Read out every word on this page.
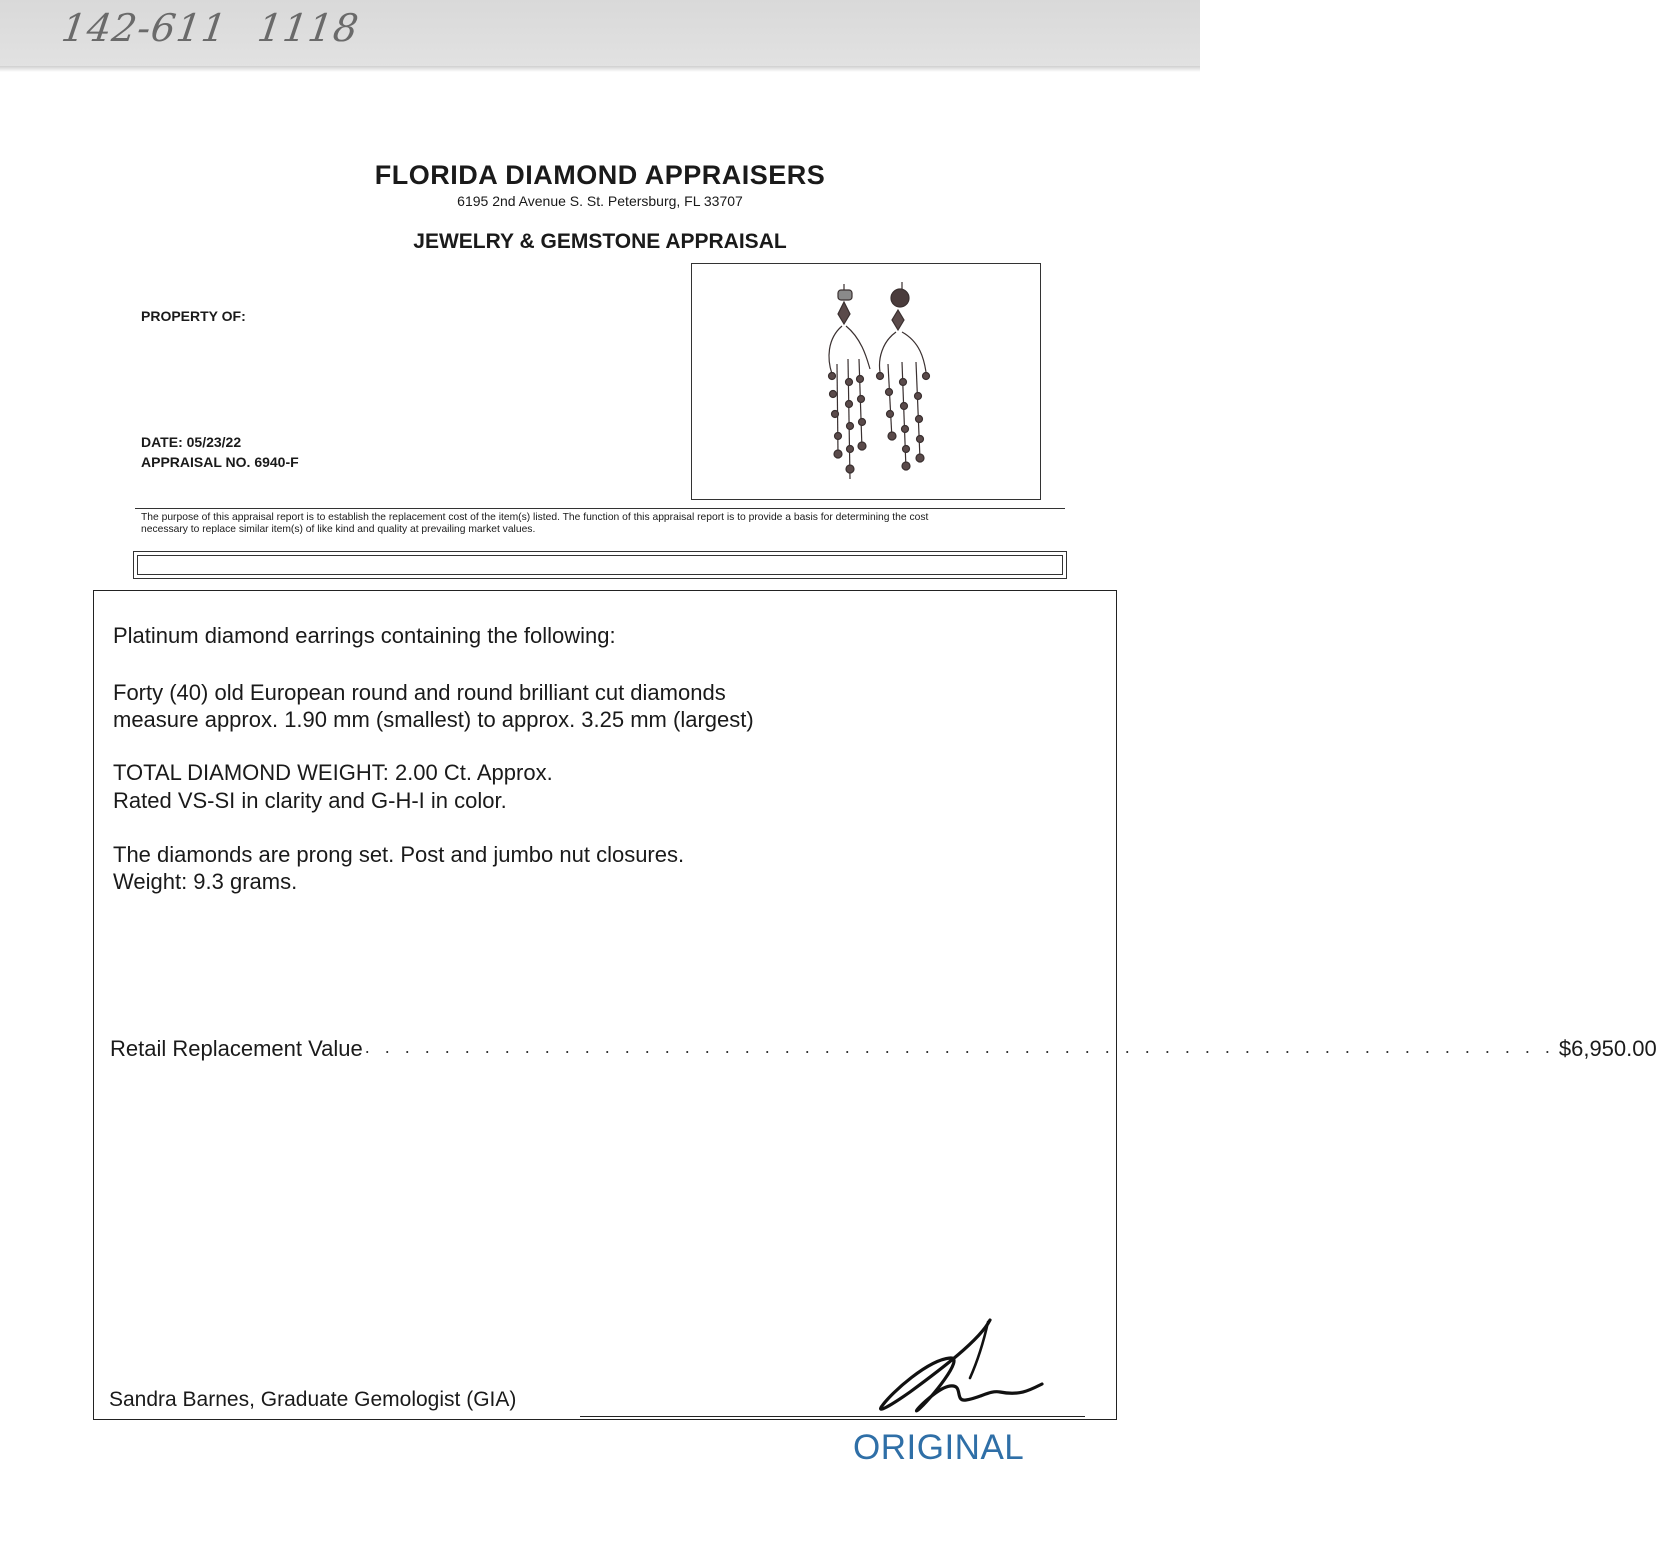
142-611 1118
FLORIDA DIAMOND APPRAISERS
6195 2nd Avenue S. St. Petersburg, FL 33707
JEWELRY & GEMSTONE APPRAISAL
PROPERTY OF:
DATE: 05/23/22
APPRAISAL NO. 6940-F
The purpose of this appraisal report is to establish the replacement cost of the item(s) listed. The function of this appraisal report is to provide a basis for determining the cost
necessary to replace similar item(s) of like kind and quality at prevailing market values.
Platinum diamond earrings containing the following:
Forty (40) old European round and round brilliant cut diamonds
measure approx. 1.90 mm (smallest) to approx. 3.25 mm (largest)
TOTAL DIAMOND WEIGHT: 2.00 Ct. Approx.
Rated VS-SI in clarity and G-H-I in color.
The diamonds are prong set. Post and jumbo nut closures.
Weight: 9.3 grams.
Retail Replacement Value . . . . . . . . . . . . . . . . . . . . . . . . . . . . . . . . . . . . . . . . . . . . . . . . . . . . . . . . . . . . $6,950.00
Sandra Barnes, Graduate Gemologist (GIA)
ORIGINAL
